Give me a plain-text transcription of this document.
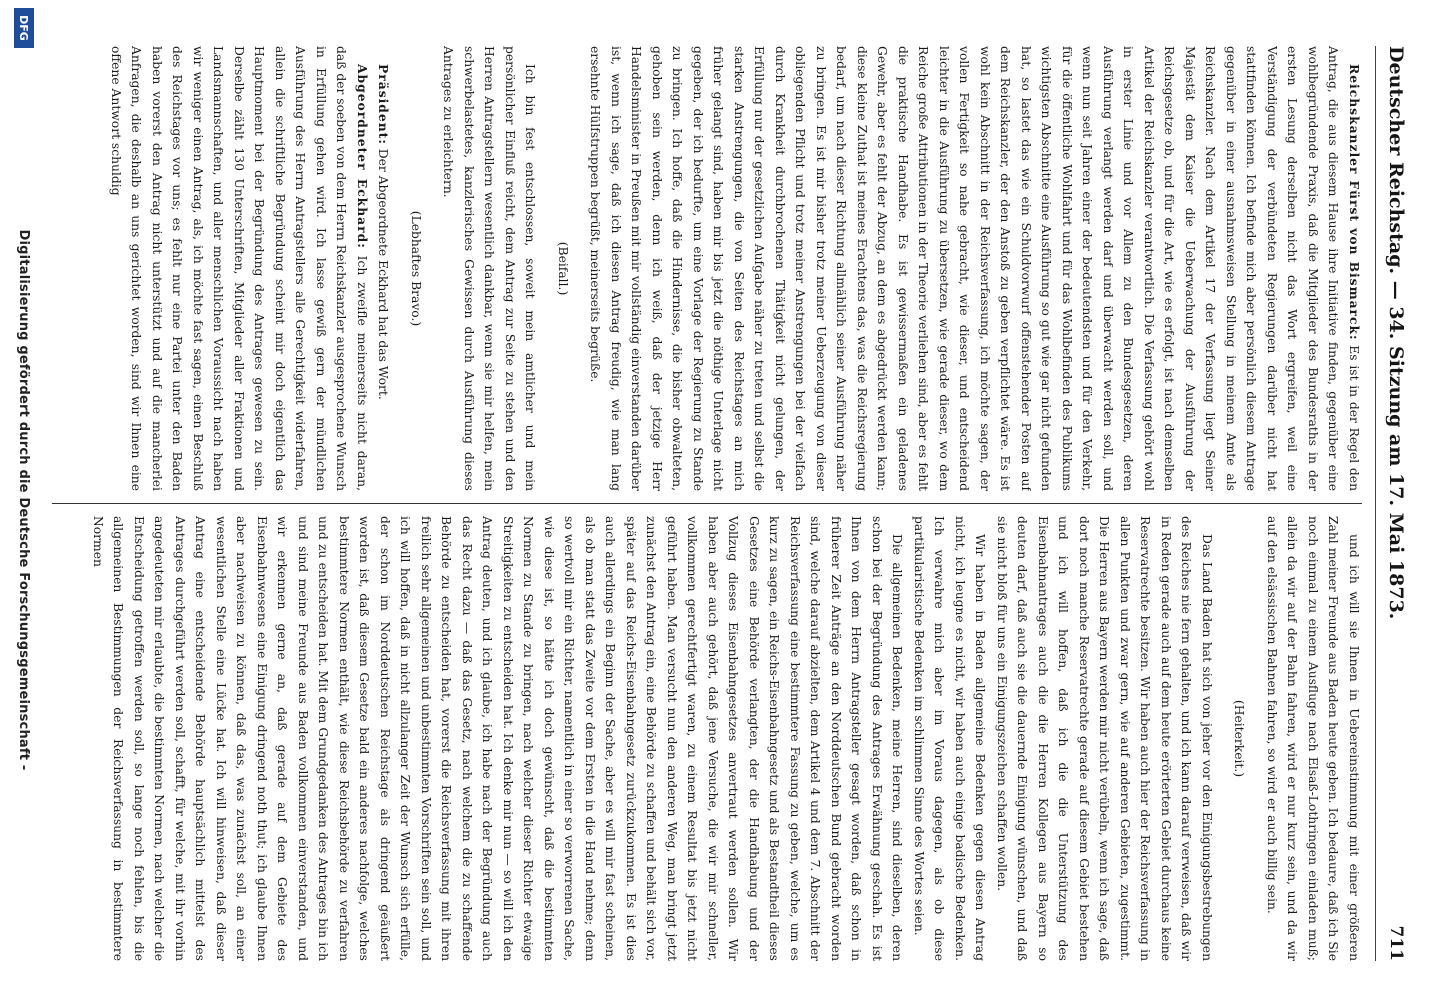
Deutscher Reichstag. — 34. Sitzung am 17. Mai 1873.
711

Reichskanzler Fürst von Bismarck: Es ist in der Regel den Antrag, die aus diesem Hause ihre Initiative finden, gegenüber eine wohlbegründende Praxis, daß die Mitglieder des Bundesraths in der ersten Lesung derselben nicht das Wort ergreifen, weil eine Verständigung der verbündeten Regierungen darüber nicht hat stattfinden können. Ich befinde mich aber persönlich diesem Antrage gegenüber in einer ausnahmsweisen Stellung in meinem Amte als Reichskanzler. Nach dem Artikel 17 der Verfassung liegt Seiner Majestät dem Kaiser die Ueberwachung der Ausführung der Reichsgesetze ob, und für die Art, wie es erfolgt, ist nach demselben Artikel der Reichskanzler verantwortlich. Die Verfassung gehört wohl in erster Linie und vor Allem zu den Bundesgesetzen, deren Ausführung verlangt werden darf und überwacht werden soll, und wenn nun seit Jahren einer der bedeutendsten und für den Verkehr, für die öffentliche Wohlfahrt und für das Wohlbefinden des Publikums wichtigsten Abschnitte eine Ausführung so gut wie gar nicht gefunden hat, so lastet das wie ein Schuldvorwurf offenstehender Posten auf dem Reichskanzler, der den Anstoß zu geben verpflichtet wäre. Es ist wohl kein Abschnitt in der Reichsverfassung, ich möchte sagen, der vollen Fertigkeit so nahe gebracht, wie dieser, und entscheidend leichter in die Ausführung zu übersetzen, wie gerade dieser, wo dem Reiche große Attributionen in der Theorie verliehen sind, aber es fehlt die praktische Handhabe. Es ist gewissermaßen ein geladenes Gewehr, aber es fehlt der Abzug, an dem es abgedrückt werden kann; diese kleine Zuthat ist meines Erachtens das, was die Reichsregierung bedarf, um nach dieser Richtung allmählich seiner Ausführung näher zu bringen. Es ist mir bisher trotz meiner Ueberzeugung von dieser obliegenden Pflicht und trotz meiner Anstrengungen bei der vielfach durch Krankheit durchbrochenen Thätigkeit nicht gelungen, der Erfüllung nur der gesetzlichen Aufgabe näher zu treten und selbst die starken Anstrengungen, die von Seiten des Reichstages an mich früher gelangt sind, haben mir bis jetzt die nöthige Unterlage nicht gegeben, der ich bedurfte, um eine Vorlage der Regierung zu Stande zu bringen. Ich hoffe, daß die Hindernisse, die bisher obwalteten, gehoben sein werden, denn ich weiß, daß der jetzige Herr Handelsminister in Preußen mit mir vollständig einverstanden darüber ist, wenn ich sage, daß ich diesen Antrag freudig, wie man lang ersehnte Hülfstruppen begrüßt, meinerseits begrüße.

(Beifall.)

Ich bin fest entschlossen, soweit mein amtlicher und mein persönlicher Einfluß reicht, dem Antrag zur Seite zu stehen und den Herren Antragstellern wesentlich dankbar, wenn sie mir helfen, mein schwerbelastetes, kanzlerisches Gewissen durch Ausführung dieses Antrages zu erleichtern.

(Lebhaftes Bravo.)

Präsident: Der Abgeordnete Eckhard hat das Wort.

Abgeordneter Eckhard: Ich zweifle meinerseits nicht daran, daß der soeben von dem Herrn Reichskanzler ausgesprochene Wunsch in Erfüllung gehen wird. Ich lasse gewiß gern der mündlichen Ausführung des Herrn Antragstellers alle Gerechtigkeit widerfahren, allein die schriftliche Begründung scheint mir doch eigentlich das Hauptmoment bei der Begründung des Antrages gewesen zu sein. Derselbe zählt 130 Unterschriften, Mitglieder aller Fraktionen und Landsmannschaften, und aller menschlichen Voraussicht nach haben wir weniger einen Antrag, als, ich möchte fast sagen, einen Beschluß des Reichstages vor uns; es fehlt nur eine Partei unter den Baden haben vorerst den Antrag nicht unterstützt und auf die mancherlei Anfragen, die deshalb an uns gerichtet worden, sind wir Ihnen eine offene Antwort schuldig

und ich will sie Ihnen in Uebereinstimmung mit einer größeren Zahl meiner Freunde aus Baden heute geben. Ich bedaure, daß ich Sie noch einmal zu einem Ausfluge nach Elsaß-Lothringen einladen muß; allein da wir auf der Bahn fahren, wird er nur kurz sein, und da wir auf den elsässischen Bahnen fahren, so wird er auch billig sein.

(Heiterkeit.)

Das Land Baden hat sich von jeher vor den Einigungsbestrebungen des Reiches nie fern gehalten, und ich kann darauf verweisen, daß wir in Reden gerade auch auf dem heute erörterten Gebiet durchaus keine Reservatrechte besitzen. Wir haben auch hier der Reichsverfassung in allen Punkten und zwar gern, wie auf anderen Gebieten, zugestimmt. Die Herren aus Bayern werden mir nicht verübeln, wenn ich sage, daß dort noch manche Reservatrechte gerade auf diesem Gebiet bestehen und ich will hoffen, daß ich die die Unterstützung des Eisenbahnantrages auch die die Herren Kollegen aus Bayern so deuten darf, daß auch sie die dauernde Einigung wünschen, und daß sie nicht bloß für uns ein Einigungszeichen schaffen wollen.

Wir haben in Baden allgemeine Bedenken gegen diesen Antrag nicht, ich leugne es nicht, wir haben auch einige badische Bedenken. Ich verwahre mich aber im Voraus dagegen, als ob diese partikularistische Bedenken im schlimmen Sinne des Wortes seien.

Die allgemeinen Bedenken, meine Herren, sind dieselben, deren schon bei der Begründung des Antrages Erwähnung geschah. Es ist Ihnen von dem Herrn Antragsteller gesagt worden, daß schon in früherer Zeit Anträge an den Norddeutschen Bund gebracht worden sind, welche darauf abzielten, dem Artikel 4 und dem 7. Abschnitt der Reichsverfassung eine bestimmtere Fassung zu geben, welche, um es kurz zu sagen, ein Reichs-Eisenbahngesetz und als Bestandtheil dieses Gesetzes eine Behörde verlangten, der die Handhabung und der Vollzug dieses Eisenbahngesetzes anvertraut werden sollen. Wir haben aber auch gehört, daß jene Versuche, die wir mir schneller, vollkommen gerechtfertigt waren, zu einem Resultat bis jetzt nicht geführt haben. Man versucht nun den anderen Weg, man bringt jetzt zunächst den Antrag ein, eine Behörde zu schaffen und behält sich vor, später auf das Reichs-Eisenbahngesetz zurückzukommen. Es ist dies auch allerdings ein Beginn der Sache, aber es will mir fast scheinen, als ob man statt das Zweite vor dem Ersten in die Hand nehme; denn so wertvoll mir ein Richter, namentlich in einer so verworrenen Sache, wie diese ist, so hätte ich doch gewünscht, daß die bestimmten Normen zu Stande zu bringen, nach welcher dieser Richter etwaige Streitigkeiten zu entscheiden hat. Ich denke mir nun — so will ich den Antrag deuten, und ich glaube, ich habe nach der Begründung auch das Recht dazu — daß das Gesetz, nach welchem die zu schaffende Behörde zu entscheiden hat, vorerst die Reichsverfassung mit ihren freilich sehr allgemeinen und unbestimmten Vorschriften sein soll, und ich will hoffen, daß in nicht allzulanger Zeit der Wunsch sich erfülle, der schon im Norddeutschen Reichstage als dringend geäußert worden ist, daß diesem Gesetze bald ein anderes nachfolge, welches bestimmtere Normen enthält, wie diese Reichsbehörde zu verfahren und zu entscheiden hat. Mit dem Grundgedanken des Antrages bin ich und sind meine Freunde aus Baden vollkommen einverstanden, und wir erkennen gerne an, daß gerade auf dem Gebiete des Eisenbahnwesens eine Einigung dringend noth thut; ich glaube Ihnen aber nachweisen zu können, daß das, was zunächst soll, an einer wesentlichen Stelle eine Lücke hat. Ich will hinweisen, daß dieser Antrag eine entscheidende Behörde hauptsächlich mittelst des Antrages durchgeführt werden soll, schafft, für welche, mit ihr vorhin angedeuteten mir erlaubte, die bestimmten Normen, nach welcher die Entscheidung getroffen werden soll, so lange noch fehlen, bis die allgemeinen Bestimmungen der Reichsverfassung in bestimmtere Normen

DFG
Digitalisierung gefördert durch die Deutsche Forschungsgemeinschaft -
